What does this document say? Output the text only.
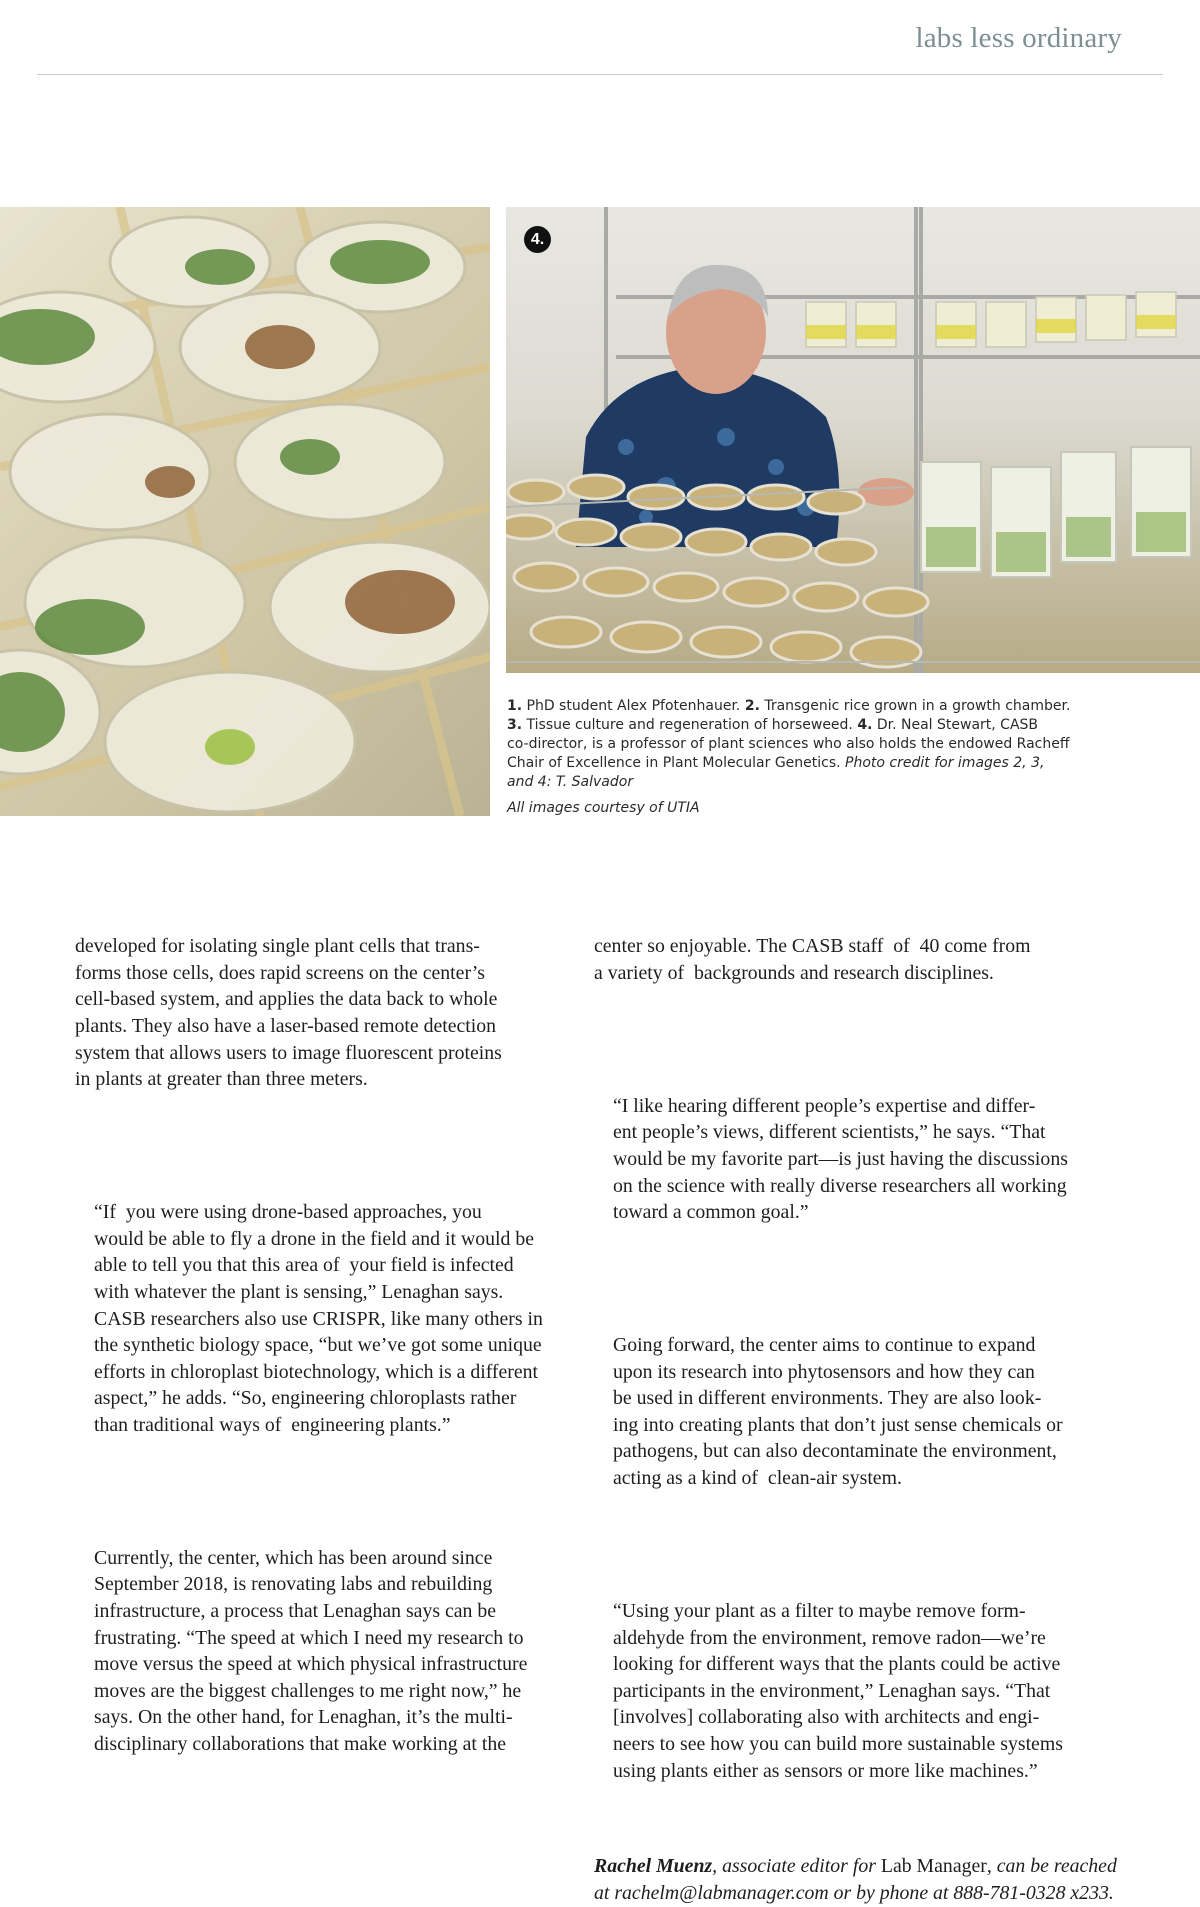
labs less ordinary
4.
1. PhD student Alex Pfotenhauer. 2. Transgenic rice grown in a growth chamber.
3. Tissue culture and regeneration of horseweed. 4. Dr. Neal Stewart, CASB
co-director, is a professor of plant sciences who also holds the endowed Racheff
Chair of Excellence in Plant Molecular Genetics. Photo credit for images 2, 3,
and 4: T. Salvador
All images courtesy of UTIA

developed for isolating single plant cells that trans-
forms those cells, does rapid screens on the center’s
cell-based system, and applies the data back to whole
plants. They also have a laser-based remote detection
system that allows users to image fluorescent proteins
in plants at greater than three meters.

“If  you were using drone-based approaches, you
would be able to fly a drone in the field and it would be
able to tell you that this area of  your field is infected
with whatever the plant is sensing,” Lenaghan says.
CASB researchers also use CRISPR, like many others in
the synthetic biology space, “but we’ve got some unique
efforts in chloroplast biotechnology, which is a different
aspect,” he adds. “So, engineering chloroplasts rather
than traditional ways of  engineering plants.”

Currently, the center, which has been around since
September 2018, is renovating labs and rebuilding
infrastructure, a process that Lenaghan says can be
frustrating. “The speed at which I need my research to
move versus the speed at which physical infrastructure
moves are the biggest challenges to me right now,” he
says. On the other hand, for Lenaghan, it’s the multi-
disciplinary collaborations that make working at the

center so enjoyable. The CASB staff  of  40 come from
a variety of  backgrounds and research disciplines.

“I like hearing different people’s expertise and differ-
ent people’s views, different scientists,” he says. “That
would be my favorite part—is just having the discussions
on the science with really diverse researchers all working
toward a common goal.”

Going forward, the center aims to continue to expand
upon its research into phytosensors and how they can
be used in different environments. They are also look-
ing into creating plants that don’t just sense chemicals or
pathogens, but can also decontaminate the environment,
acting as a kind of  clean-air system.

“Using your plant as a filter to maybe remove form-
aldehyde from the environment, remove radon—we’re
looking for different ways that the plants could be active
participants in the environment,” Lenaghan says. “That
[involves] collaborating also with architects and engi-
neers to see how you can build more sustainable systems
using plants either as sensors or more like machines.”

Rachel Muenz, associate editor for Lab Manager, can be reached
at rachelm@labmanager.com or by phone at 888-781-0328 x233.
